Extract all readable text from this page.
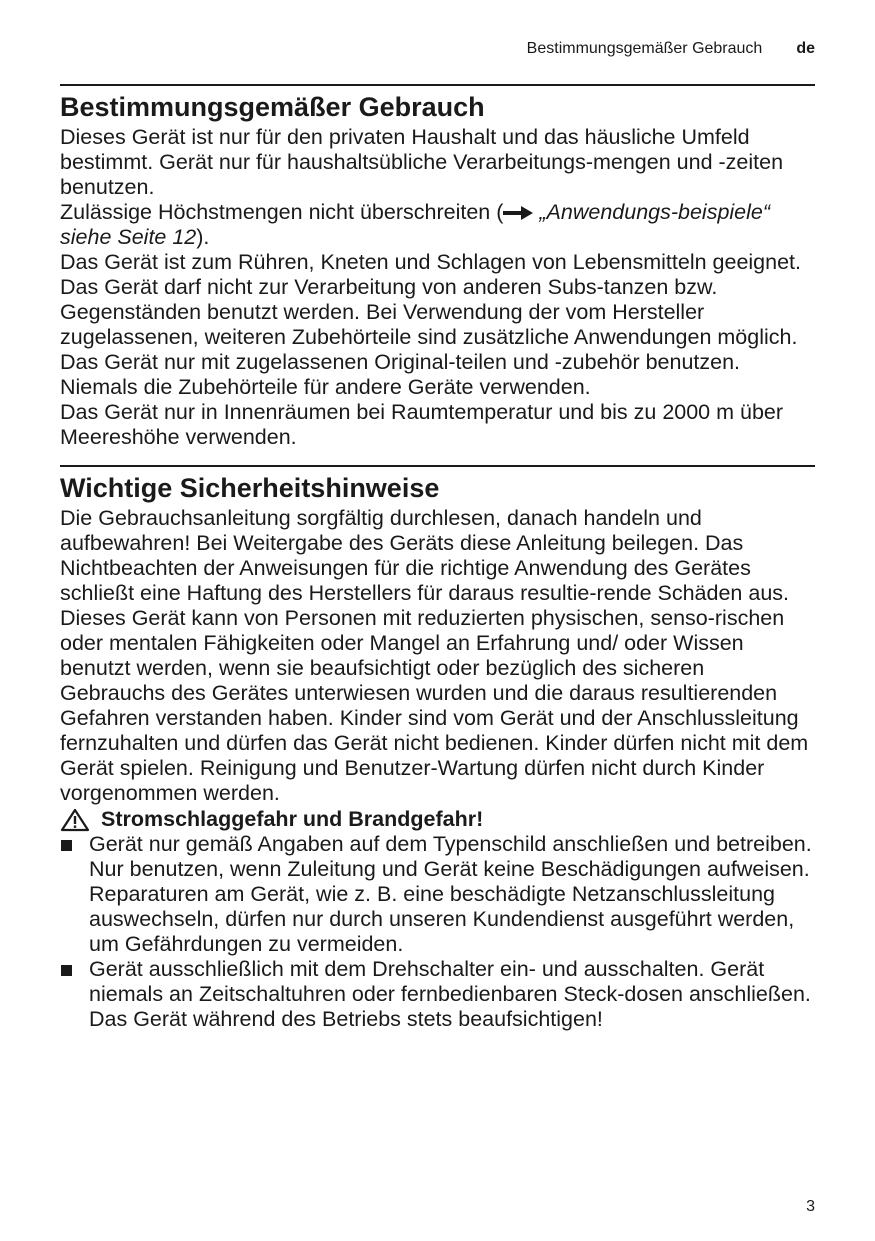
Bestimmungsgemäßer Gebrauch de
Bestimmungsgemäßer Gebrauch

Dieses Gerät ist nur für den privaten Haushalt und das häusliche Umfeld bestimmt. Gerät nur für haushaltsübliche Verarbeitungs-mengen und -zeiten benutzen.

Zulässige Höchstmengen nicht überschreiten ( „Anwendungs-beispiele“ siehe Seite 12).

Das Gerät ist zum Rühren, Kneten und Schlagen von Lebensmitteln geeignet. Das Gerät darf nicht zur Verarbeitung von anderen Subs-tanzen bzw. Gegenständen benutzt werden. Bei Verwendung der vom Hersteller zugelassenen, weiteren Zubehörteile sind zusätzliche Anwendungen möglich. Das Gerät nur mit zugelassenen Original-teilen und -zubehör benutzen. Niemals die Zubehörteile für andere Geräte verwenden.

Das Gerät nur in Innenräumen bei Raumtemperatur und bis zu 2000 m über Meereshöhe verwenden.

Wichtige Sicherheitshinweise

Die Gebrauchsanleitung sorgfältig durchlesen, danach handeln und aufbewahren! Bei Weitergabe des Geräts diese Anleitung beilegen. Das Nichtbeachten der Anweisungen für die richtige Anwendung des Gerätes schließt eine Haftung des Herstellers für daraus resultie-rende Schäden aus.

Dieses Gerät kann von Personen mit reduzierten physischen, senso-rischen oder mentalen Fähigkeiten oder Mangel an Erfahrung und/ oder Wissen benutzt werden, wenn sie beaufsichtigt oder bezüglich des sicheren Gebrauchs des Gerätes unterwiesen wurden und die daraus resultierenden Gefahren verstanden haben. Kinder sind vom Gerät und der Anschlussleitung fernzuhalten und dürfen das Gerät nicht bedienen. Kinder dürfen nicht mit dem Gerät spielen. Reinigung und Benutzer-Wartung dürfen nicht durch Kinder vorgenommen werden.

Stromschlaggefahr und Brandgefahr!
Gerät nur gemäß Angaben auf dem Typenschild anschließen und betreiben. Nur benutzen, wenn Zuleitung und Gerät keine Beschädigungen aufweisen. Reparaturen am Gerät, wie z. B. eine beschädigte Netzanschlussleitung auswechseln, dürfen nur durch unseren Kundendienst ausgeführt werden, um Gefährdungen zu vermeiden.
Gerät ausschließlich mit dem Drehschalter ein- und ausschalten. Gerät niemals an Zeitschaltuhren oder fernbedienbaren Steck-dosen anschließen. Das Gerät während des Betriebs stets beaufsichtigen!
3
